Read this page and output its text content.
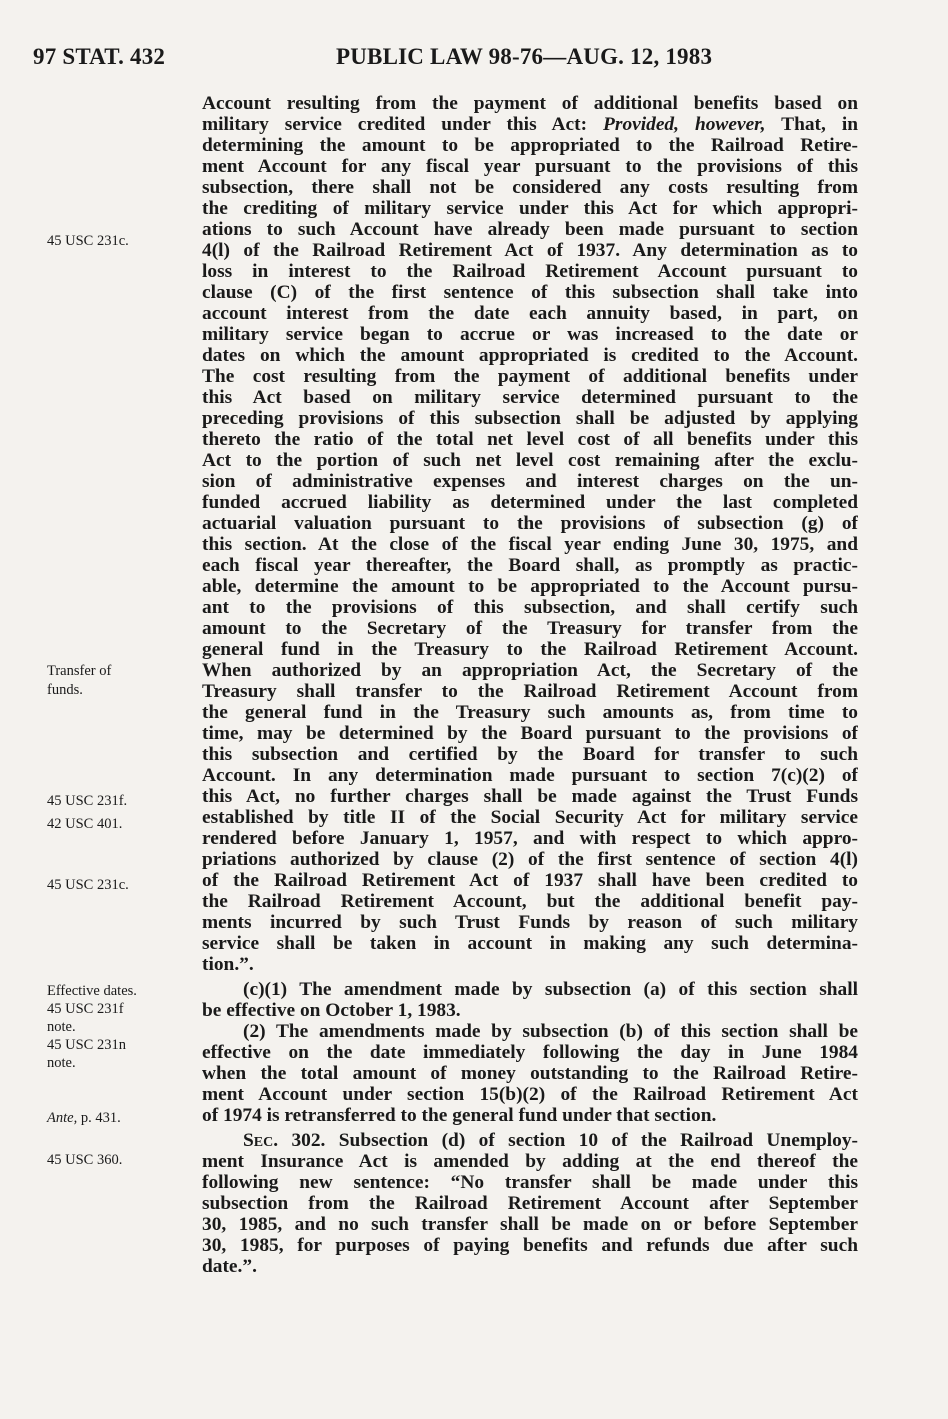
97 STAT. 432	PUBLIC LAW 98-76—AUG. 12, 1983
45 USC 231c.
Transfer of
funds.
45 USC 231f.
42 USC 401.
45 USC 231c.
Effective dates.
45 USC 231f
note.
45 USC 231n
note.
Ante, p. 431.
45 USC 360.
Account resulting from the payment of additional benefits based on
military service credited under this Act: Provided, however, That, in
determining the amount to be appropriated to the Railroad Retire-
ment Account for any fiscal year pursuant to the provisions of this
subsection, there shall not be considered any costs resulting from
the crediting of military service under this Act for which appropri-
ations to such Account have already been made pursuant to section
4(l) of the Railroad Retirement Act of 1937. Any determination as to
loss in interest to the Railroad Retirement Account pursuant to
clause (C) of the first sentence of this subsection shall take into
account interest from the date each annuity based, in part, on
military service began to accrue or was increased to the date or
dates on which the amount appropriated is credited to the Account.
The cost resulting from the payment of additional benefits under
this Act based on military service determined pursuant to the
preceding provisions of this subsection shall be adjusted by applying
thereto the ratio of the total net level cost of all benefits under this
Act to the portion of such net level cost remaining after the exclu-
sion of administrative expenses and interest charges on the un-
funded accrued liability as determined under the last completed
actuarial valuation pursuant to the provisions of subsection (g) of
this section. At the close of the fiscal year ending June 30, 1975, and
each fiscal year thereafter, the Board shall, as promptly as practic-
able, determine the amount to be appropriated to the Account pursu-
ant to the provisions of this subsection, and shall certify such
amount to the Secretary of the Treasury for transfer from the
general fund in the Treasury to the Railroad Retirement Account.
When authorized by an appropriation Act, the Secretary of the
Treasury shall transfer to the Railroad Retirement Account from
the general fund in the Treasury such amounts as, from time to
time, may be determined by the Board pursuant to the provisions of
this subsection and certified by the Board for transfer to such
Account. In any determination made pursuant to section 7(c)(2) of
this Act, no further charges shall be made against the Trust Funds
established by title II of the Social Security Act for military service
rendered before January 1, 1957, and with respect to which appro-
priations authorized by clause (2) of the first sentence of section 4(l)
of the Railroad Retirement Act of 1937 shall have been credited to
the Railroad Retirement Account, but the additional benefit pay-
ments incurred by such Trust Funds by reason of such military
service shall be taken in account in making any such determina-
tion.”.
(c)(1) The amendment made by subsection (a) of this section shall
be effective on October 1, 1983.
(2) The amendments made by subsection (b) of this section shall be
effective on the date immediately following the day in June 1984
when the total amount of money outstanding to the Railroad Retire-
ment Account under section 15(b)(2) of the Railroad Retirement Act
of 1974 is retransferred to the general fund under that section.
Sec. 302. Subsection (d) of section 10 of the Railroad Unemploy-
ment Insurance Act is amended by adding at the end thereof the
following new sentence: “No transfer shall be made under this
subsection from the Railroad Retirement Account after September
30, 1985, and no such transfer shall be made on or before September
30, 1985, for purposes of paying benefits and refunds due after such
date.”.
